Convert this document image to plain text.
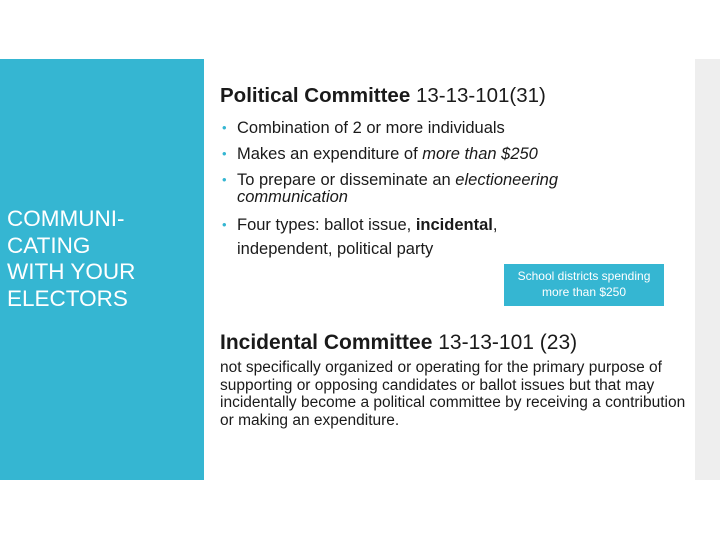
COMMUNI-
CATING
WITH YOUR
ELECTORS
Political Committee 13-13-101(31)
• Combination of 2 or more individuals
• Makes an expenditure of more than $250
• To prepare or disseminate an electioneering
communication
• Four types: ballot issue, incidental,
independent, political party
School districts spending
more than $250
Incidental Committee 13-13-101 (23)
not specifically organized or operating for the primary purpose of supporting or opposing candidates or ballot issues but that may incidentally become a political committee by receiving a contribution or making an expenditure.
